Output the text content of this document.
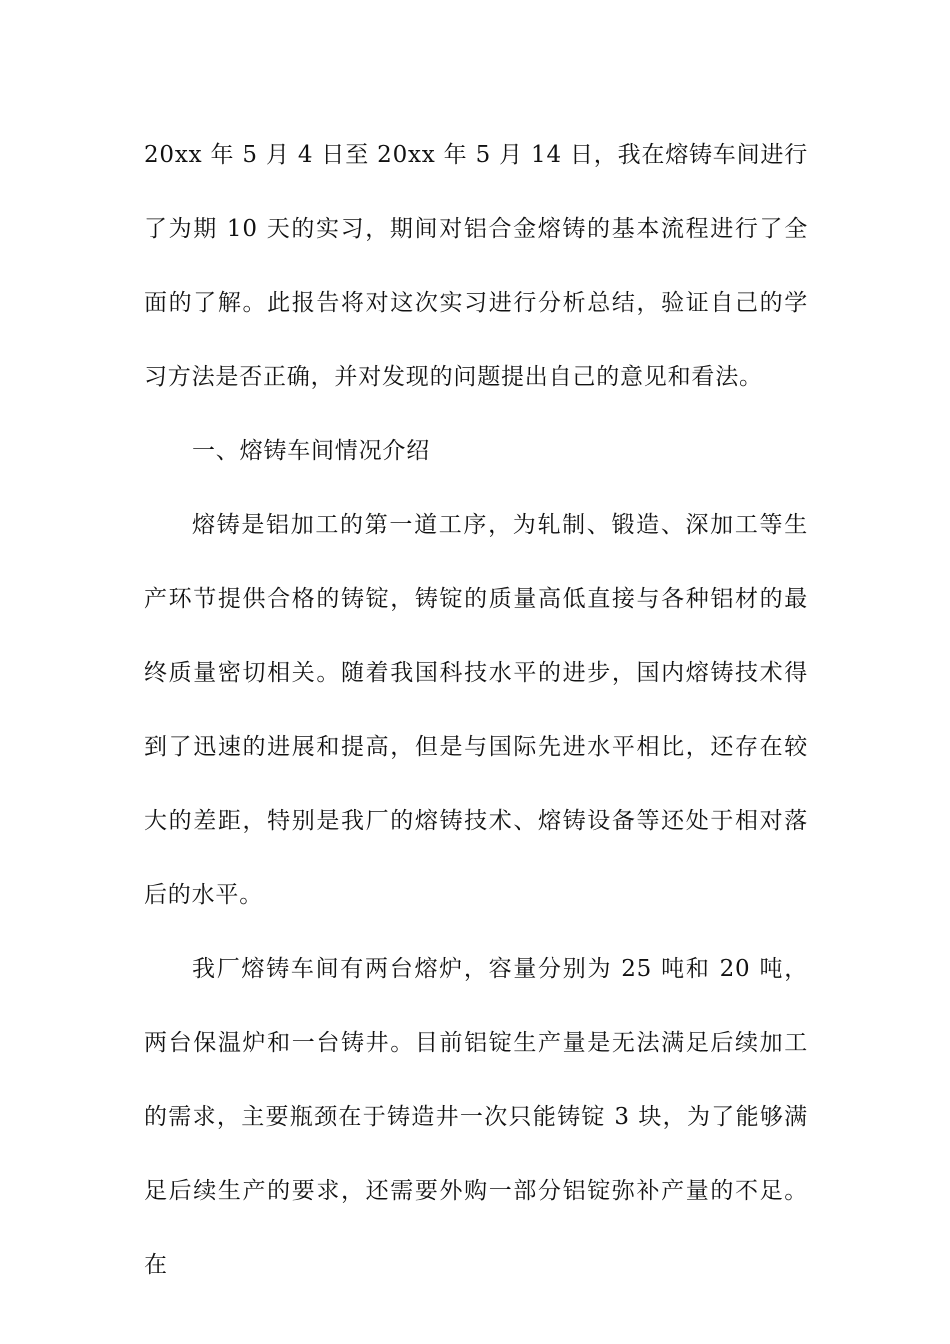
20xx 年 5 月 4 日至 20xx 年 5 月 14 日，我在熔铸车间进行了为期 10 天的实习，期间对铝合金熔铸的基本流程进行了全面的了解。此报告将对这次实习进行分析总结，验证自己的学习方法是否正确，并对发现的问题提出自己的意见和看法。

一、熔铸车间情况介绍

熔铸是铝加工的第一道工序，为轧制、锻造、深加工等生产环节提供合格的铸锭，铸锭的质量高低直接与各种铝材的最终质量密切相关。随着我国科技水平的进步，国内熔铸技术得到了迅速的进展和提高，但是与国际先进水平相比，还存在较大的差距，特别是我厂的熔铸技术、熔铸设备等还处于相对落后的水平。

我厂熔铸车间有两台熔炉，容量分别为 25 吨和 20 吨，两台保温炉和一台铸井。目前铝锭生产量是无法满足后续加工的需求，主要瓶颈在于铸造井一次只能铸锭 3 块，为了能够满足后续生产的要求，还需要外购一部分铝锭弥补产量的不足。在
